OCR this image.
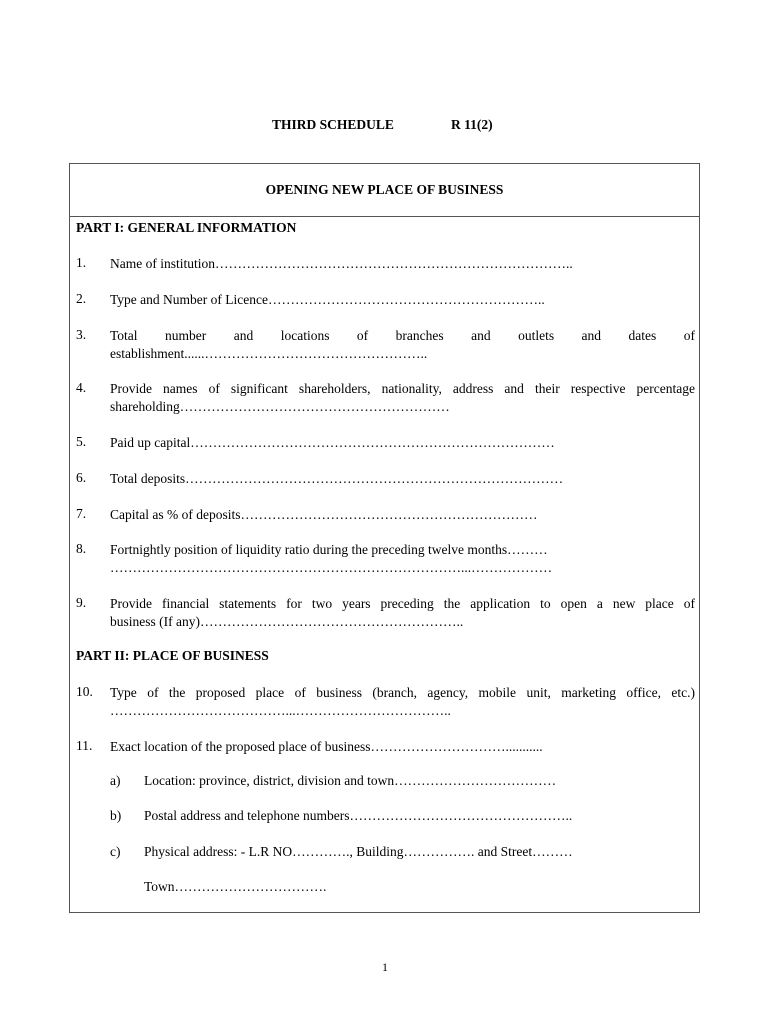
THIRD SCHEDULE	R 11(2)
OPENING NEW PLACE OF BUSINESS
PART I: GENERAL INFORMATION
1. Name of institution……………………………………………………………………..
2. Type and Number of Licence……………………………………………………..
3. Total number and locations of branches and outlets and dates of
establishment......…………………………………………..
4. Provide names of significant shareholders, nationality, address and their respective percentage
shareholding……………………………………………………
5. Paid up capital………………………………………………………………………
6. Total deposits…………………………………………………………………………
7. Capital as % of deposits…………………………………………………………
8. Fortnightly position of liquidity ratio during the preceding twelve months………
……………………………………………………………………...………………
9. Provide financial statements for two years preceding the application to open a new place of
business (If any)…………………………………………………..
PART II: PLACE OF BUSINESS
10. Type of the proposed place of business (branch, agency, mobile unit, marketing office, etc.)
…………………………………...……………………………..
11. Exact location of the proposed place of business…………………………...........
a) Location: province, district, division and town………………………………
b) Postal address and telephone numbers…………………………………………..
c) Physical address: - L.R NO…………., Building……………. and Street………
Town…………………………….
1
